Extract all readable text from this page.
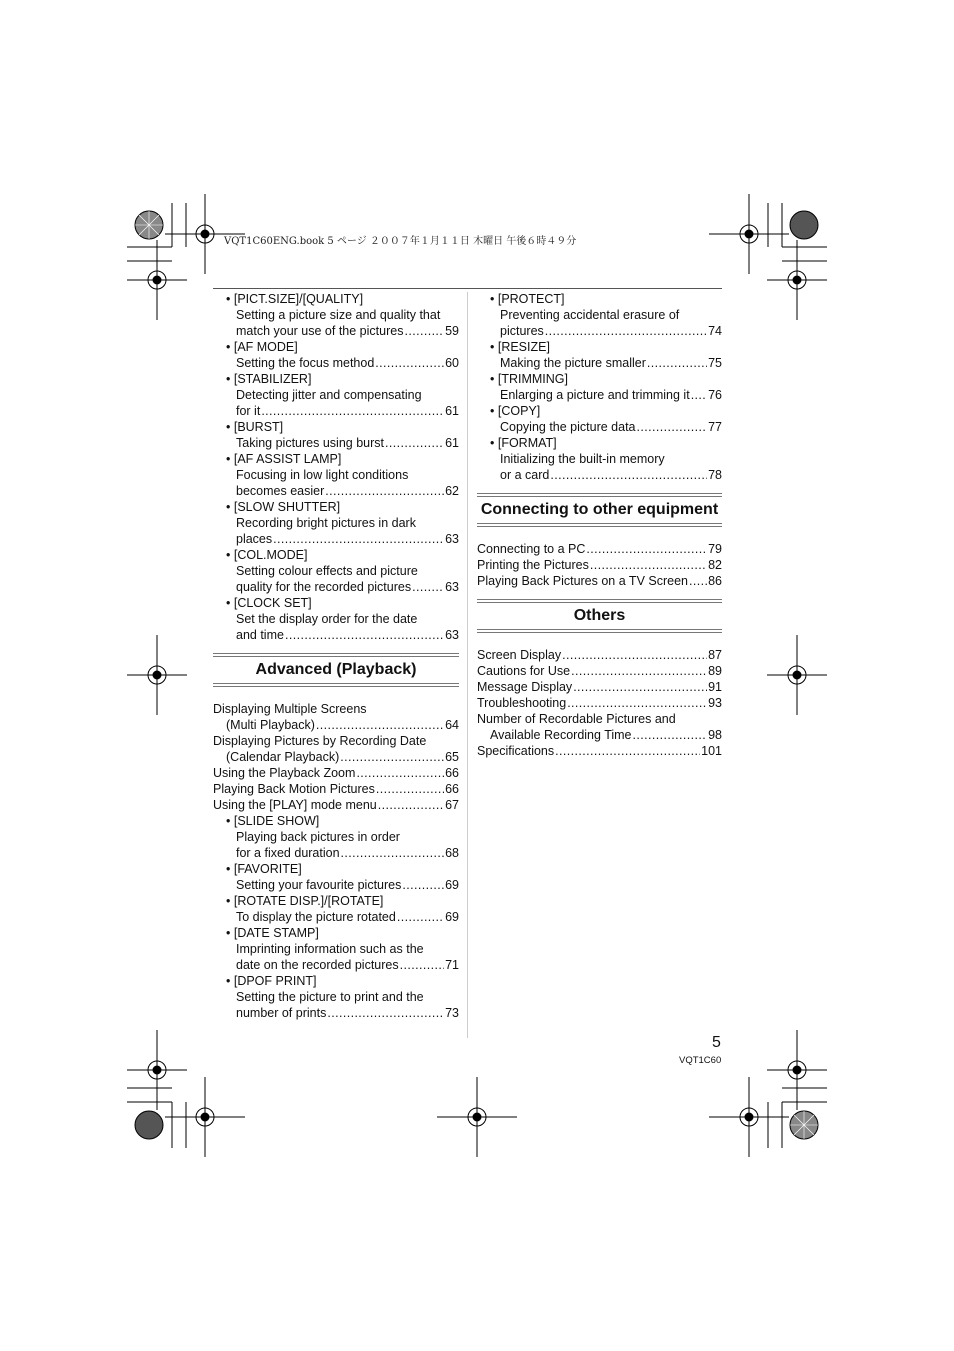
VQT1C60ENG.book 5 ページ ２００７年１月１１日 木曜日 午後６時４９分
• [PICT.SIZE]/[QUALITY]
Setting a picture size and quality that
match your use of the pictures .....	59
• [AF MODE]
Setting the focus method .....	60
• [STABILIZER]
Detecting jitter and compensating
for it .....	61
• [BURST]
Taking pictures using burst .....	61
• [AF ASSIST LAMP]
Focusing in low light conditions
becomes easier .....	62
• [SLOW SHUTTER]
Recording bright pictures in dark
places .....	63
• [COL.MODE]
Setting colour effects and picture
quality for the recorded pictures .....	63
• [CLOCK SET]
Set the display order for the date
and time .....	63
Advanced (Playback)
Displaying Multiple Screens
(Multi Playback) .....	64
Displaying Pictures by Recording Date
(Calendar Playback) .....	65
Using the Playback Zoom .....	66
Playing Back Motion Pictures .....	66
Using the [PLAY] mode menu .....	67
• [SLIDE SHOW]
Playing back pictures in order
for a fixed duration .....	68
• [FAVORITE]
Setting your favourite pictures .....	69
• [ROTATE DISP.]/[ROTATE]
To display the picture rotated .....	69
• [DATE STAMP]
Imprinting information such as the
date on the recorded pictures .....	71
• [DPOF PRINT]
Setting the picture to print and the
number of prints .....	73
• [PROTECT]
Preventing accidental erasure of
pictures .....	74
• [RESIZE]
Making the picture smaller .....	75
• [TRIMMING]
Enlarging a picture and trimming it ..... 76
• [COPY]
Copying the picture data .....	77
• [FORMAT]
Initializing the built-in memory
or a card .....	78
Connecting to other equipment
Connecting to a PC .....	79
Printing the Pictures .....	82
Playing Back Pictures on a TV Screen ..... 86
Others
Screen Display .....	87
Cautions for Use .....	89
Message Display .....	91
Troubleshooting .....	93
Number of Recordable Pictures and
Available Recording Time .....	98
Specifications .....	101
5
VQT1C60
